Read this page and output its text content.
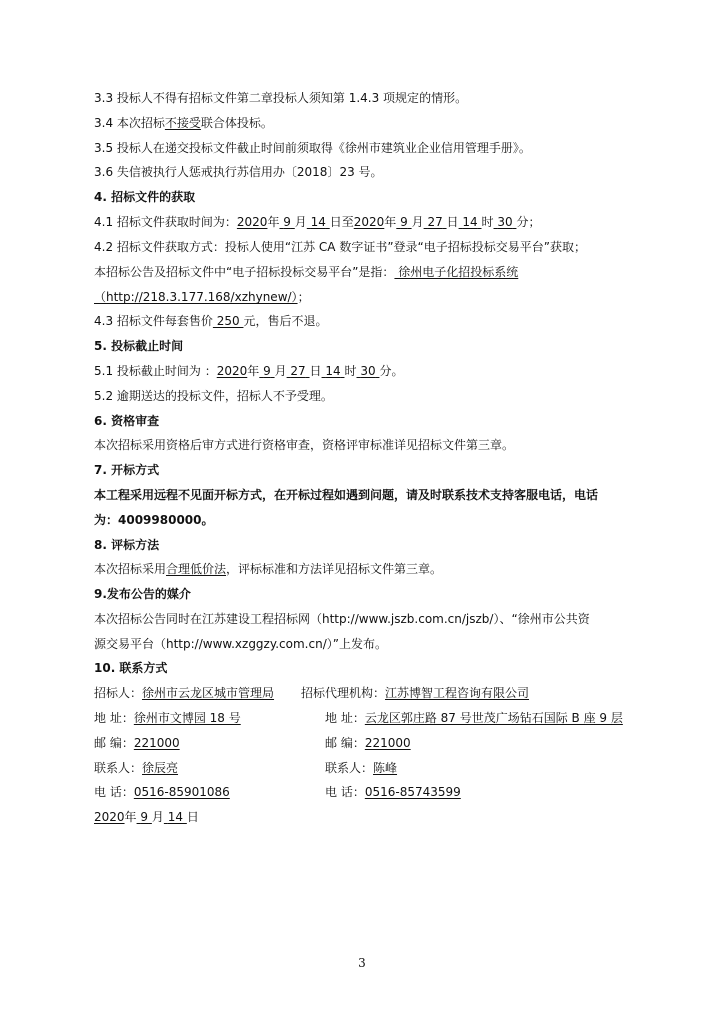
3.3 投标人不得有招标文件第二章投标人须知第 1.4.3 项规定的情形。
3.4 本次招标不接受联合体投标。
3.5 投标人在递交投标文件截止时间前须取得《徐州市建筑业企业信用管理手册》。
3.6 失信被执行人惩戒执行苏信用办〔2018〕23 号。
4. 招标文件的获取
4.1 招标文件获取时间为：2020年 9 月 14 日至2020年 9 月 27 日 14 时 30 分；
4.2 招标文件获取方式：投标人使用“江苏 CA 数字证书”登录“电子招标投标交易平台”获取；
本招标公告及招标文件中“电子招标投标交易平台”是指： 徐州电子化招投标系统
（http://218.3.177.168/xzhynew/）；
4.3 招标文件每套售价 250 元，售后不退。
5. 投标截止时间
5.1 投标截止时间为 ：2020年 9 月 27 日 14 时 30 分。
5.2 逾期送达的投标文件，招标人不予受理。
6. 资格审查
本次招标采用资格后审方式进行资格审查，资格评审标准详见招标文件第三章。
7. 开标方式
本工程采用远程不见面开标方式，在开标过程如遇到问题，请及时联系技术支持客服电话，电话
为：4009980000。
8. 评标方法
本次招标采用合理低价法，评标标准和方法详见招标文件第三章。
9.发布公告的媒介
本次招标公告同时在江苏建设工程招标网（http://www.jszb.com.cn/jszb/）、“徐州市公共资
源交易平台（http://www.xzggzy.com.cn/）”上发布。
10. 联系方式
招标人：徐州市云龙区城市管理局 招标代理机构：江苏博智工程咨询有限公司
地 址：徐州市文博园 18 号	地 址：云龙区郭庄路 87 号世茂广场钻石国际 B 座 9 层
邮 编：221000	邮 编：221000
联系人：徐辰亮	联系人：陈峰
电 话：0516-85901086	电 话：0516-85743599
2020年 9 月 14 日
3
